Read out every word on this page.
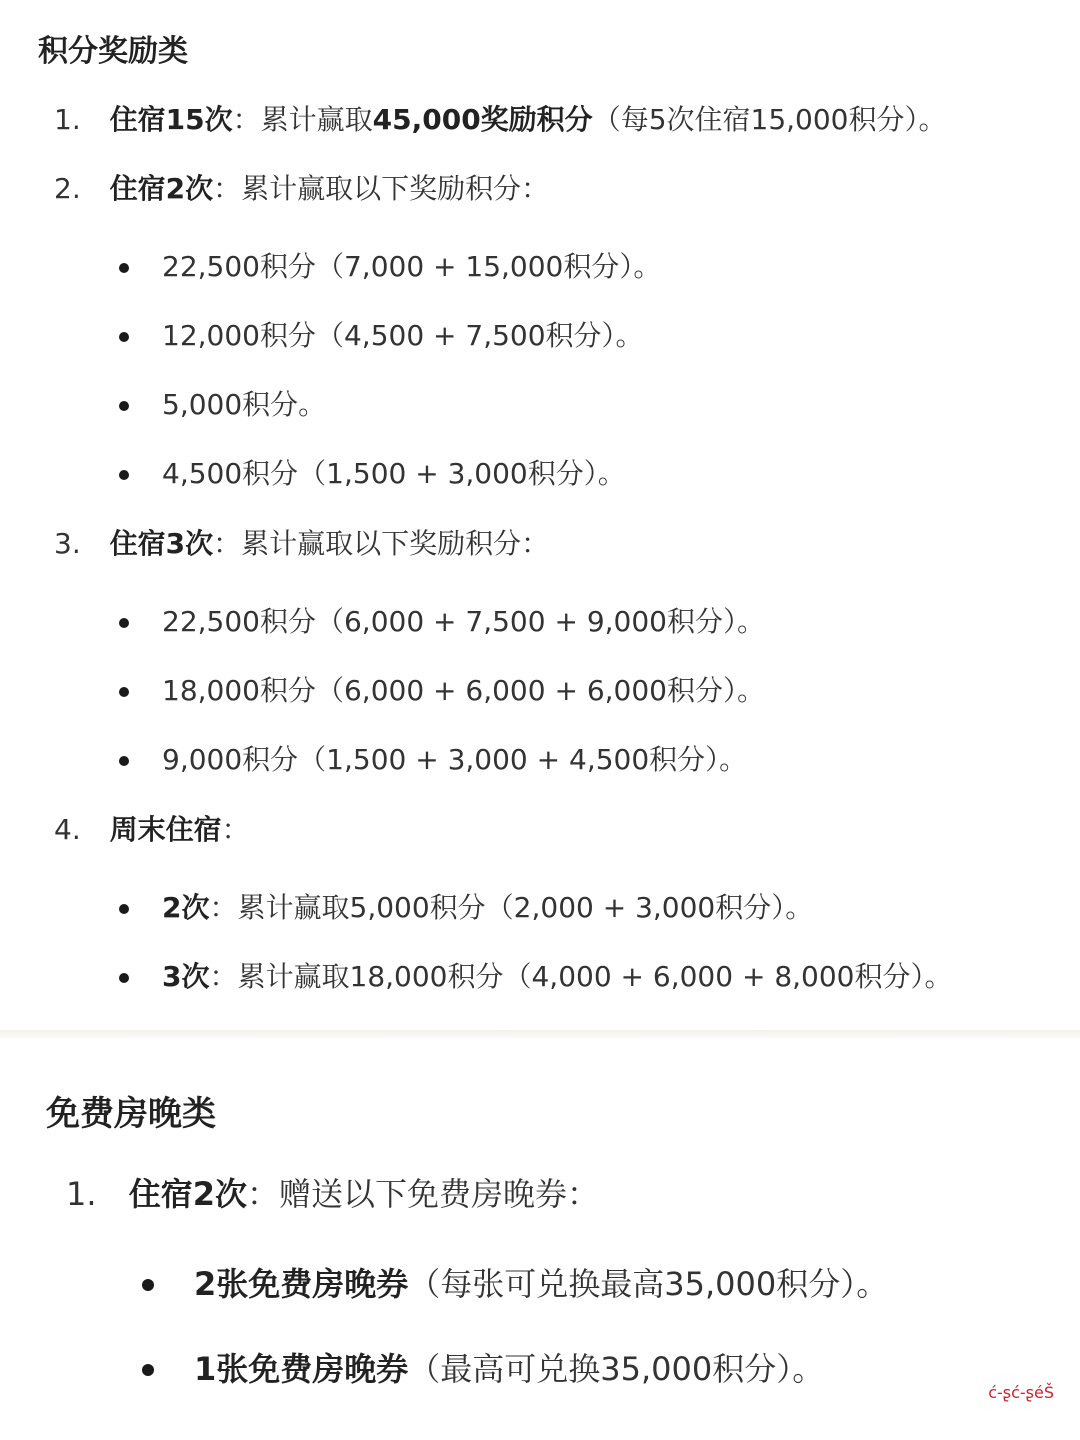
积分奖励类
1. 住宿15次：累计赢取45,000奖励积分（每5次住宿15,000积分）。
2. 住宿2次：累计赢取以下奖励积分：
22,500积分（7,000 + 15,000积分）。
12,000积分（4,500 + 7,500积分）。
5,000积分。
4,500积分（1,500 + 3,000积分）。
3. 住宿3次：累计赢取以下奖励积分：
22,500积分（6,000 + 7,500 + 9,000积分）。
18,000积分（6,000 + 6,000 + 6,000积分）。
9,000积分（1,500 + 3,000 + 4,500积分）。
4. 周末住宿：
2次：累计赢取5,000积分（2,000 + 3,000积分）。
3次：累计赢取18,000积分（4,000 + 6,000 + 8,000积分）。
免费房晚类
1. 住宿2次：赠送以下免费房晚券：
2张免费房晚券（每张可兑换最高35,000积分）。
1张免费房晚券（最高可兑换35,000积分）。
ć-ʂć-ʂéŠ
